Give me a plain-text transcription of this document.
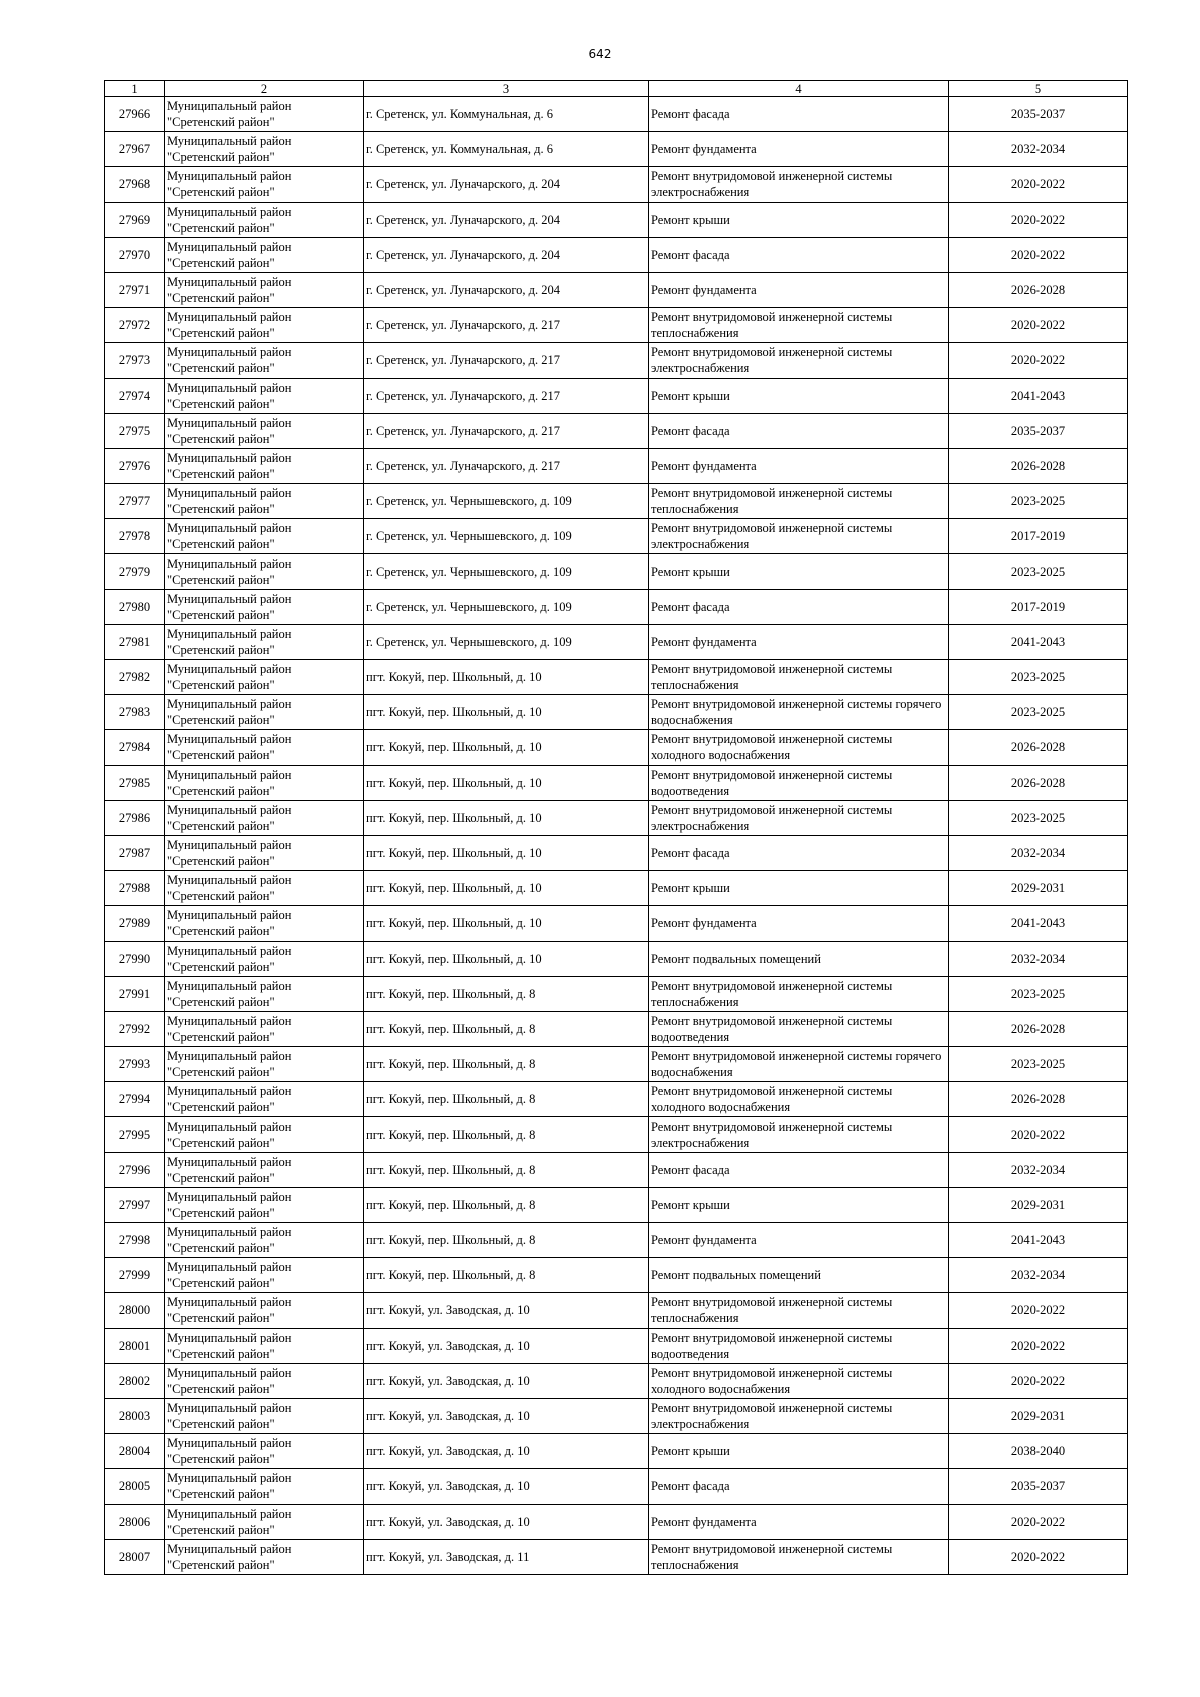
642
1	2	3	4	5
27966	Муниципальный район "Сретенский район"	г. Сретенск, ул. Коммунальная, д. 6	Ремонт фасада	2035-2037
27967	Муниципальный район "Сретенский район"	г. Сретенск, ул. Коммунальная, д. 6	Ремонт фундамента	2032-2034
27968	Муниципальный район "Сретенский район"	г. Сретенск, ул. Луначарского, д. 204	Ремонт внутридомовой инженерной системы электроснабжения	2020-2022
27969	Муниципальный район "Сретенский район"	г. Сретенск, ул. Луначарского, д. 204	Ремонт крыши	2020-2022
27970	Муниципальный район "Сретенский район"	г. Сретенск, ул. Луначарского, д. 204	Ремонт фасада	2020-2022
27971	Муниципальный район "Сретенский район"	г. Сретенск, ул. Луначарского, д. 204	Ремонт фундамента	2026-2028
27972	Муниципальный район "Сретенский район"	г. Сретенск, ул. Луначарского, д. 217	Ремонт внутридомовой инженерной системы теплоснабжения	2020-2022
27973	Муниципальный район "Сретенский район"	г. Сретенск, ул. Луначарского, д. 217	Ремонт внутридомовой инженерной системы электроснабжения	2020-2022
27974	Муниципальный район "Сретенский район"	г. Сретенск, ул. Луначарского, д. 217	Ремонт крыши	2041-2043
27975	Муниципальный район "Сретенский район"	г. Сретенск, ул. Луначарского, д. 217	Ремонт фасада	2035-2037
27976	Муниципальный район "Сретенский район"	г. Сретенск, ул. Луначарского, д. 217	Ремонт фундамента	2026-2028
27977	Муниципальный район "Сретенский район"	г. Сретенск, ул. Чернышевского, д. 109	Ремонт внутридомовой инженерной системы теплоснабжения	2023-2025
27978	Муниципальный район "Сретенский район"	г. Сретенск, ул. Чернышевского, д. 109	Ремонт внутридомовой инженерной системы электроснабжения	2017-2019
27979	Муниципальный район "Сретенский район"	г. Сретенск, ул. Чернышевского, д. 109	Ремонт крыши	2023-2025
27980	Муниципальный район "Сретенский район"	г. Сретенск, ул. Чернышевского, д. 109	Ремонт фасада	2017-2019
27981	Муниципальный район "Сретенский район"	г. Сретенск, ул. Чернышевского, д. 109	Ремонт фундамента	2041-2043
27982	Муниципальный район "Сретенский район"	пгт. Кокуй, пер. Школьный, д. 10	Ремонт внутридомовой инженерной системы теплоснабжения	2023-2025
27983	Муниципальный район "Сретенский район"	пгт. Кокуй, пер. Школьный, д. 10	Ремонт внутридомовой инженерной системы горячего водоснабжения	2023-2025
27984	Муниципальный район "Сретенский район"	пгт. Кокуй, пер. Школьный, д. 10	Ремонт внутридомовой инженерной системы холодного водоснабжения	2026-2028
27985	Муниципальный район "Сретенский район"	пгт. Кокуй, пер. Школьный, д. 10	Ремонт внутридомовой инженерной системы водоотведения	2026-2028
27986	Муниципальный район "Сретенский район"	пгт. Кокуй, пер. Школьный, д. 10	Ремонт внутридомовой инженерной системы электроснабжения	2023-2025
27987	Муниципальный район "Сретенский район"	пгт. Кокуй, пер. Школьный, д. 10	Ремонт фасада	2032-2034
27988	Муниципальный район "Сретенский район"	пгт. Кокуй, пер. Школьный, д. 10	Ремонт крыши	2029-2031
27989	Муниципальный район "Сретенский район"	пгт. Кокуй, пер. Школьный, д. 10	Ремонт фундамента	2041-2043
27990	Муниципальный район "Сретенский район"	пгт. Кокуй, пер. Школьный, д. 10	Ремонт подвальных помещений	2032-2034
27991	Муниципальный район "Сретенский район"	пгт. Кокуй, пер. Школьный, д. 8	Ремонт внутридомовой инженерной системы теплоснабжения	2023-2025
27992	Муниципальный район "Сретенский район"	пгт. Кокуй, пер. Школьный, д. 8	Ремонт внутридомовой инженерной системы водоотведения	2026-2028
27993	Муниципальный район "Сретенский район"	пгт. Кокуй, пер. Школьный, д. 8	Ремонт внутридомовой инженерной системы горячего водоснабжения	2023-2025
27994	Муниципальный район "Сретенский район"	пгт. Кокуй, пер. Школьный, д. 8	Ремонт внутридомовой инженерной системы холодного водоснабжения	2026-2028
27995	Муниципальный район "Сретенский район"	пгт. Кокуй, пер. Школьный, д. 8	Ремонт внутридомовой инженерной системы электроснабжения	2020-2022
27996	Муниципальный район "Сретенский район"	пгт. Кокуй, пер. Школьный, д. 8	Ремонт фасада	2032-2034
27997	Муниципальный район "Сретенский район"	пгт. Кокуй, пер. Школьный, д. 8	Ремонт крыши	2029-2031
27998	Муниципальный район "Сретенский район"	пгт. Кокуй, пер. Школьный, д. 8	Ремонт фундамента	2041-2043
27999	Муниципальный район "Сретенский район"	пгт. Кокуй, пер. Школьный, д. 8	Ремонт подвальных помещений	2032-2034
28000	Муниципальный район "Сретенский район"	пгт. Кокуй, ул. Заводская, д. 10	Ремонт внутридомовой инженерной системы теплоснабжения	2020-2022
28001	Муниципальный район "Сретенский район"	пгт. Кокуй, ул. Заводская, д. 10	Ремонт внутридомовой инженерной системы водоотведения	2020-2022
28002	Муниципальный район "Сретенский район"	пгт. Кокуй, ул. Заводская, д. 10	Ремонт внутридомовой инженерной системы холодного водоснабжения	2020-2022
28003	Муниципальный район "Сретенский район"	пгт. Кокуй, ул. Заводская, д. 10	Ремонт внутридомовой инженерной системы электроснабжения	2029-2031
28004	Муниципальный район "Сретенский район"	пгт. Кокуй, ул. Заводская, д. 10	Ремонт крыши	2038-2040
28005	Муниципальный район "Сретенский район"	пгт. Кокуй, ул. Заводская, д. 10	Ремонт фасада	2035-2037
28006	Муниципальный район "Сретенский район"	пгт. Кокуй, ул. Заводская, д. 10	Ремонт фундамента	2020-2022
28007	Муниципальный район "Сретенский район"	пгт. Кокуй, ул. Заводская, д. 11	Ремонт внутридомовой инженерной системы теплоснабжения	2020-2022
